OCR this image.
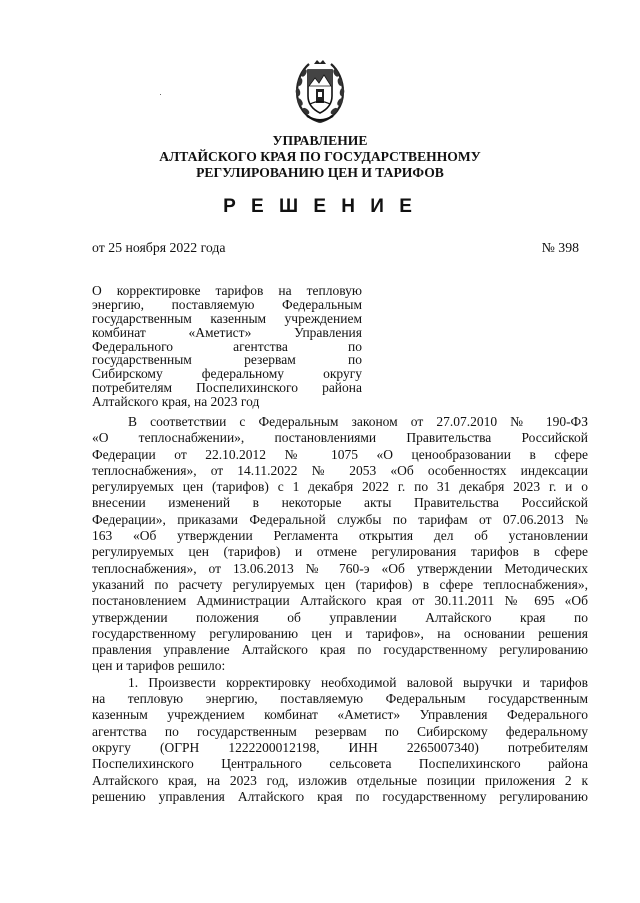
УПРАВЛЕНИЕ
АЛТАЙСКОГО КРАЯ ПО ГОСУДАРСТВЕННОМУ
РЕГУЛИРОВАНИЮ ЦЕН И ТАРИФОВ
Р Е Ш Е Н И Е
от 25 ноября 2022 года	№ 398
О корректировке тарифов на тепловую
энергию, поставляемую Федеральным
государственным казенным учреждением
комбинат «Аметист» Управления
Федерального агентства по
государственным резервам по
Сибирскому федеральному округу
потребителям Поспелихинского района
Алтайского края, на 2023 год
В соответствии с Федеральным законом от 27.07.2010 № 190-ФЗ
«О теплоснабжении», постановлениями Правительства Российской
Федерации от 22.10.2012 № 1075 «О ценообразовании в сфере
теплоснабжения», от 14.11.2022 № 2053 «Об особенностях индексации
регулируемых цен (тарифов) с 1 декабря 2022 г. по 31 декабря 2023 г. и о
внесении изменений в некоторые акты Правительства Российской
Федерации», приказами Федеральной службы по тарифам от 07.06.2013 №
163 «Об утверждении Регламента открытия дел об установлении
регулируемых цен (тарифов) и отмене регулирования тарифов в сфере
теплоснабжения», от 13.06.2013 № 760-э «Об утверждении Методических
указаний по расчету регулируемых цен (тарифов) в сфере теплоснабжения»,
постановлением Администрации Алтайского края от 30.11.2011 № 695 «Об
утверждении положения об управлении Алтайского края по
государственному регулированию цен и тарифов», на основании решения
правления управление Алтайского края по государственному регулированию
цен и тарифов решило:
1. Произвести корректировку необходимой валовой выручки и тарифов
на тепловую энергию, поставляемую Федеральным государственным
казенным учреждением комбинат «Аметист» Управления Федерального
агентства по государственным резервам по Сибирскому федеральному
округу (ОГРН 1222200012198, ИНН 2265007340) потребителям
Поспелихинского Центрального сельсовета Поспелихинского района
Алтайского края, на 2023 год, изложив отдельные позиции приложения 2 к
решению управления Алтайского края по государственному регулированию
